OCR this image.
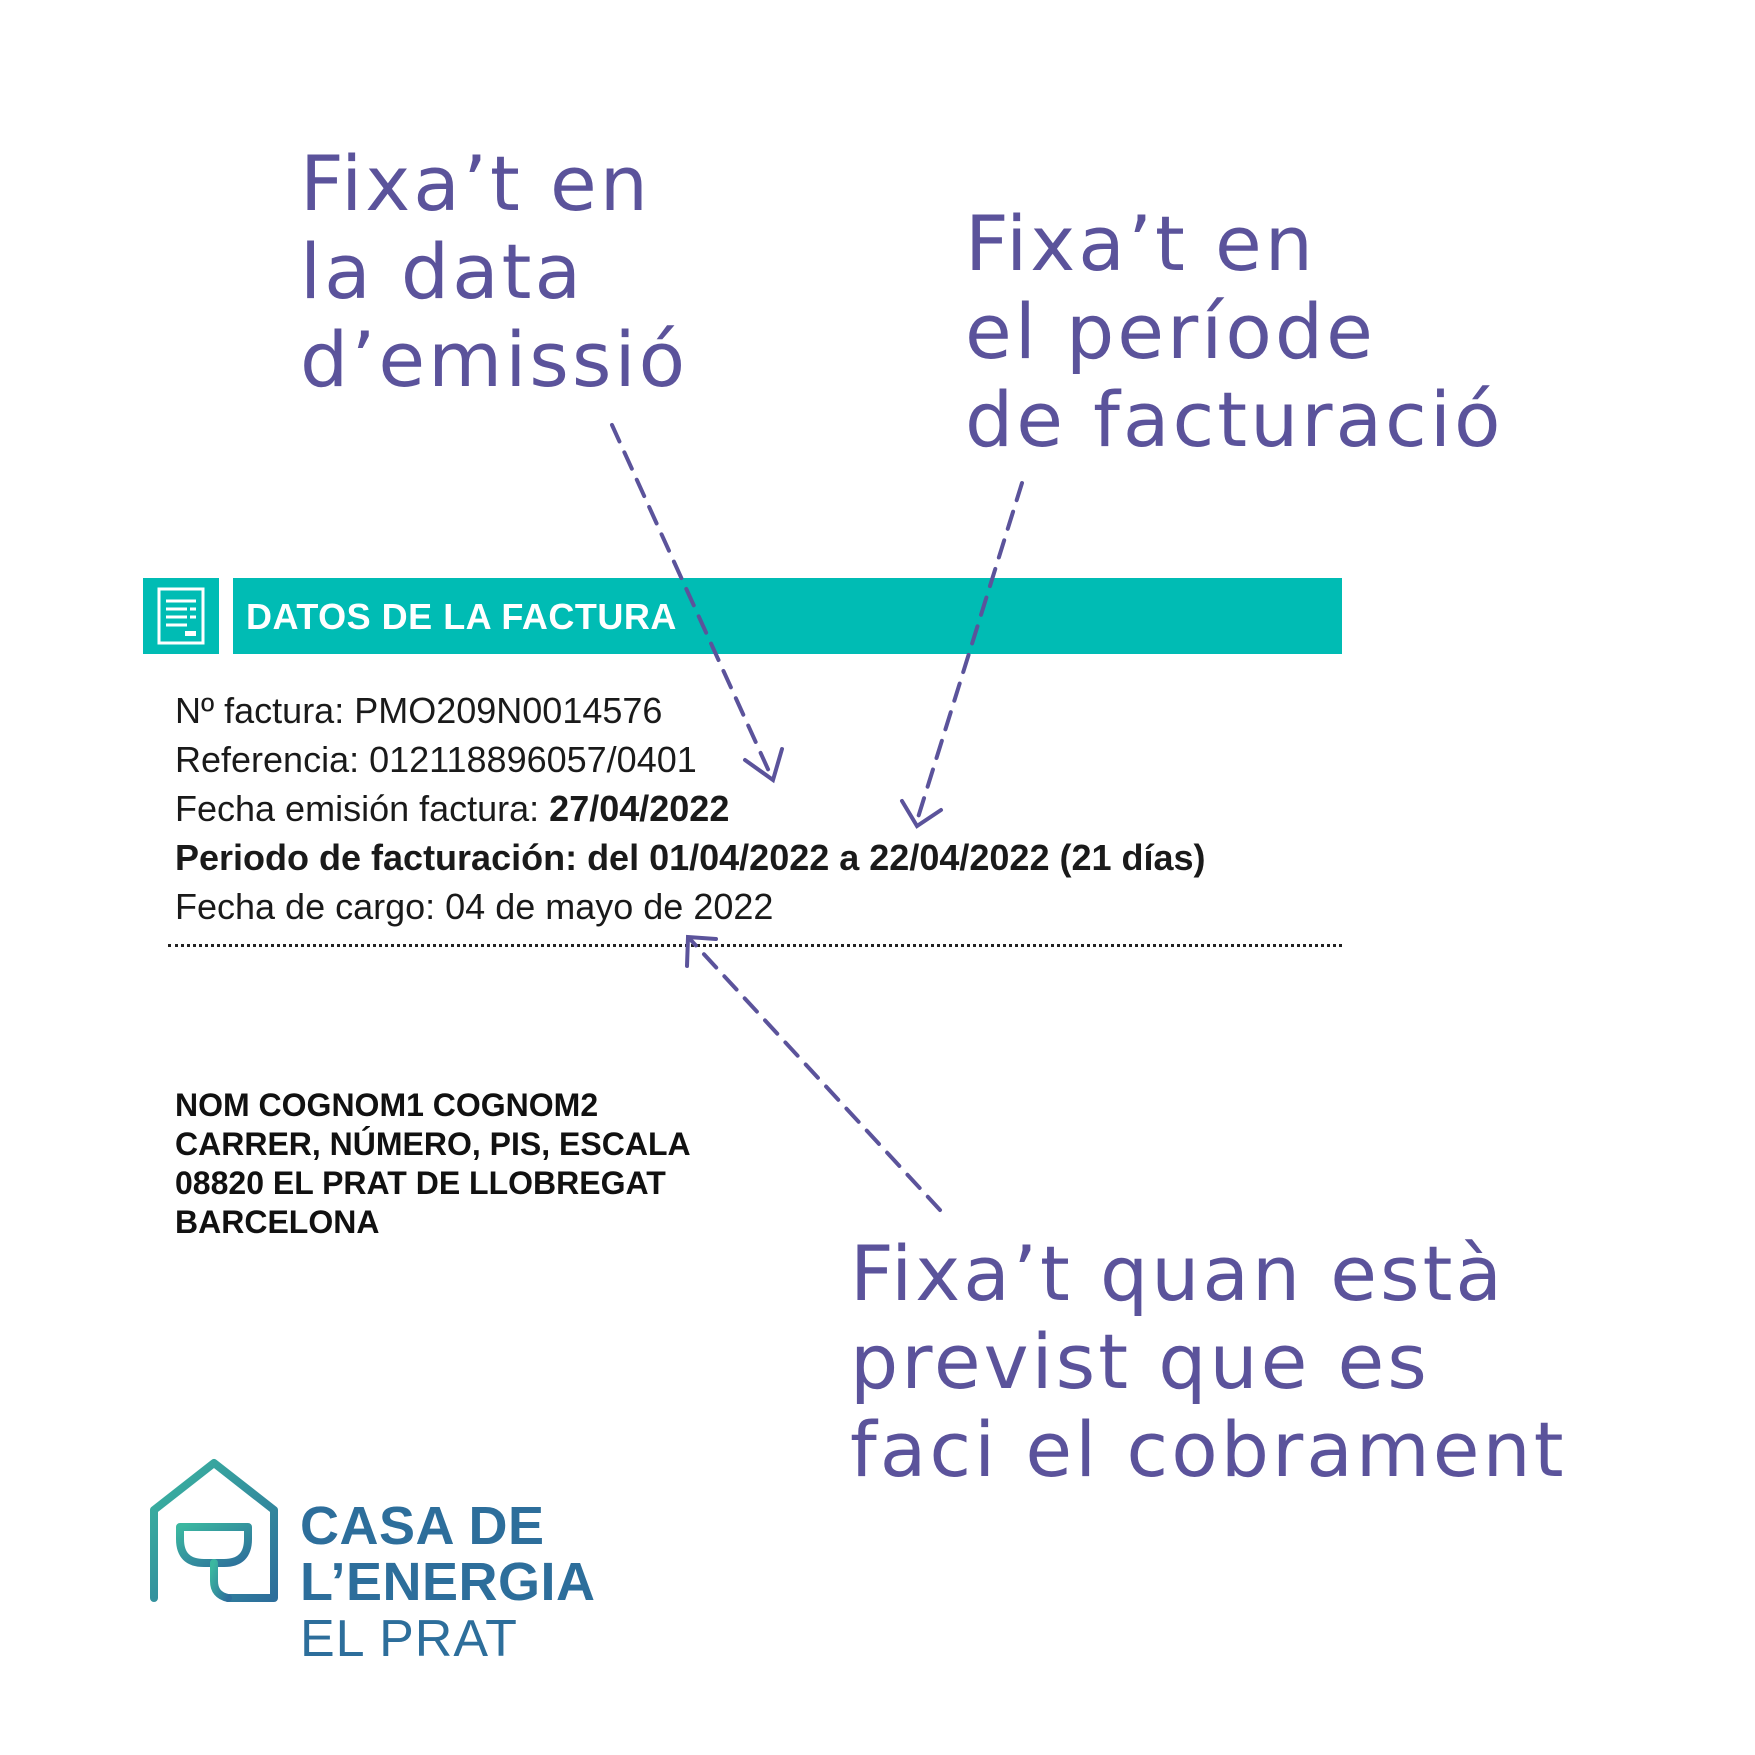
Fixa’t en
la data
d’emissió
Fixa’t en
el període
de facturació
Fixa’t quan està
previst que es
faci el cobrament
DATOS DE LA FACTURA

Nº factura: PMO209N0014576

Referencia: 012118896057/0401

Fecha emisión factura: 27/04/2022

Periodo de facturación: del 01/04/2022 a 22/04/2022 (21 días)

Fecha de cargo: 04 de mayo de 2022

NOM COGNOM1 COGNOM2

CARRER, NÚMERO, PIS, ESCALA

08820 EL PRAT DE LLOBREGAT

BARCELONA

CASA DE

L’ENERGIA

EL PRAT
